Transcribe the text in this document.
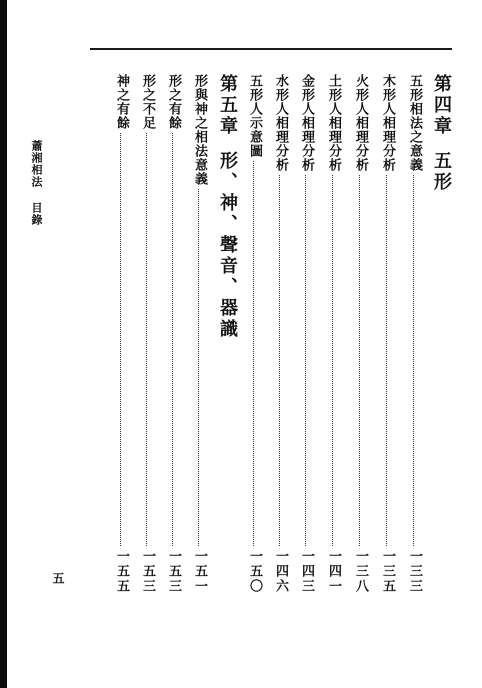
蕭湘相法目錄
五
第四章五形
五形相法之意義
一三三
木形人相理分析
一三五
火形人相理分析
一三八
土形人相理分析
一四一
金形人相理分析
一四三
水形人相理分析
一四六
五形人示意圖
一五〇
第五章形、神、聲音、器識
形與神之相法意義
一五一
形之有餘
一五三
形之不足
一五三
神之有餘
一五五
